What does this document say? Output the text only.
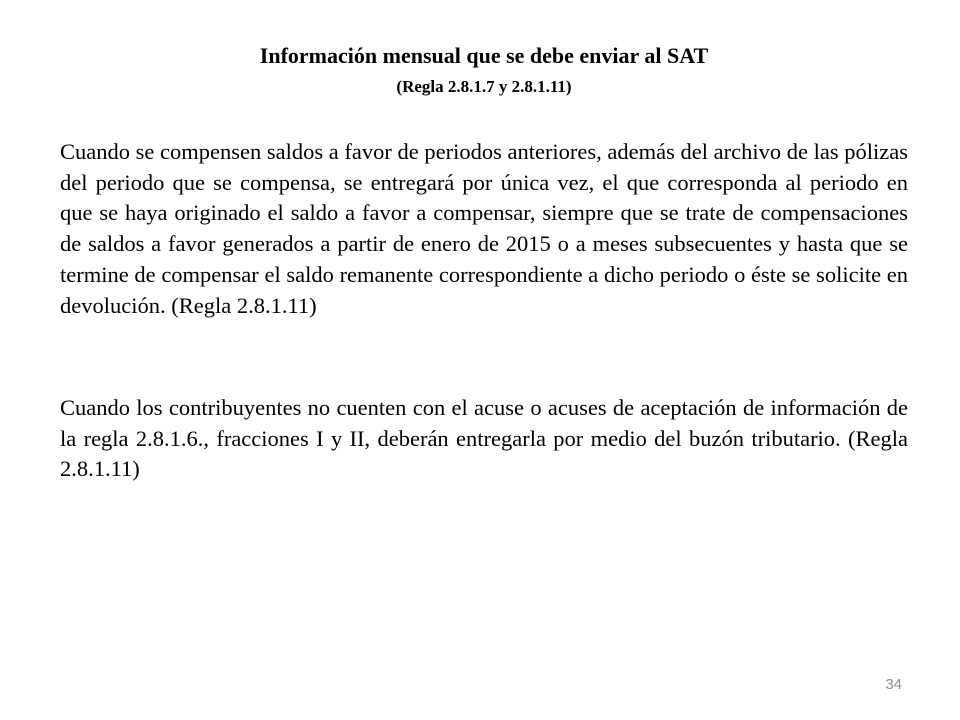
Información mensual que se debe enviar al SAT
(Regla 2.8.1.7 y 2.8.1.11)

Cuando se compensen saldos a favor de periodos anteriores, además del archivo de las pólizas del periodo que se compensa, se entregará por única vez, el que corresponda al periodo en que se haya originado el saldo a favor a compensar, siempre que se trate de compensaciones de saldos a favor generados a partir de enero de 2015 o a meses subsecuentes y hasta que se termine de compensar el saldo remanente correspondiente a dicho periodo o éste se solicite en devolución. (Regla 2.8.1.11)

Cuando los contribuyentes no cuenten con el acuse o acuses de aceptación de información de la regla 2.8.1.6., fracciones I y II, deberán entregarla por medio del buzón tributario. (Regla 2.8.1.11)

34
